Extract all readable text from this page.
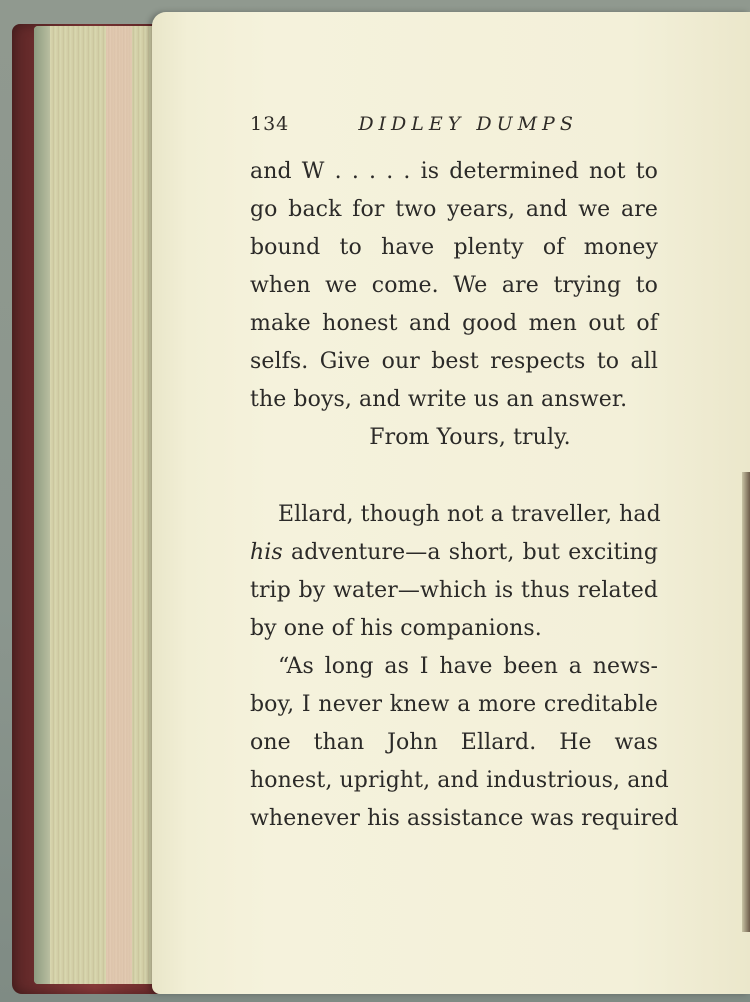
134	DIDLEY DUMPS
and W . . . . . is determined not to
go back for two years, and we are
bound to have plenty of money
when we come. We are trying to
make honest and good men out of
selfs. Give our best respects to all
the boys, and write us an answer.
From Yours, truly.
Ellard, though not a traveller, had
his adventure—a short, but exciting
trip by water—which is thus related
by one of his companions.
“As long as I have been a news-
boy, I never knew a more creditable
one than John Ellard. He was
honest, upright, and industrious, and
whenever his assistance was required
